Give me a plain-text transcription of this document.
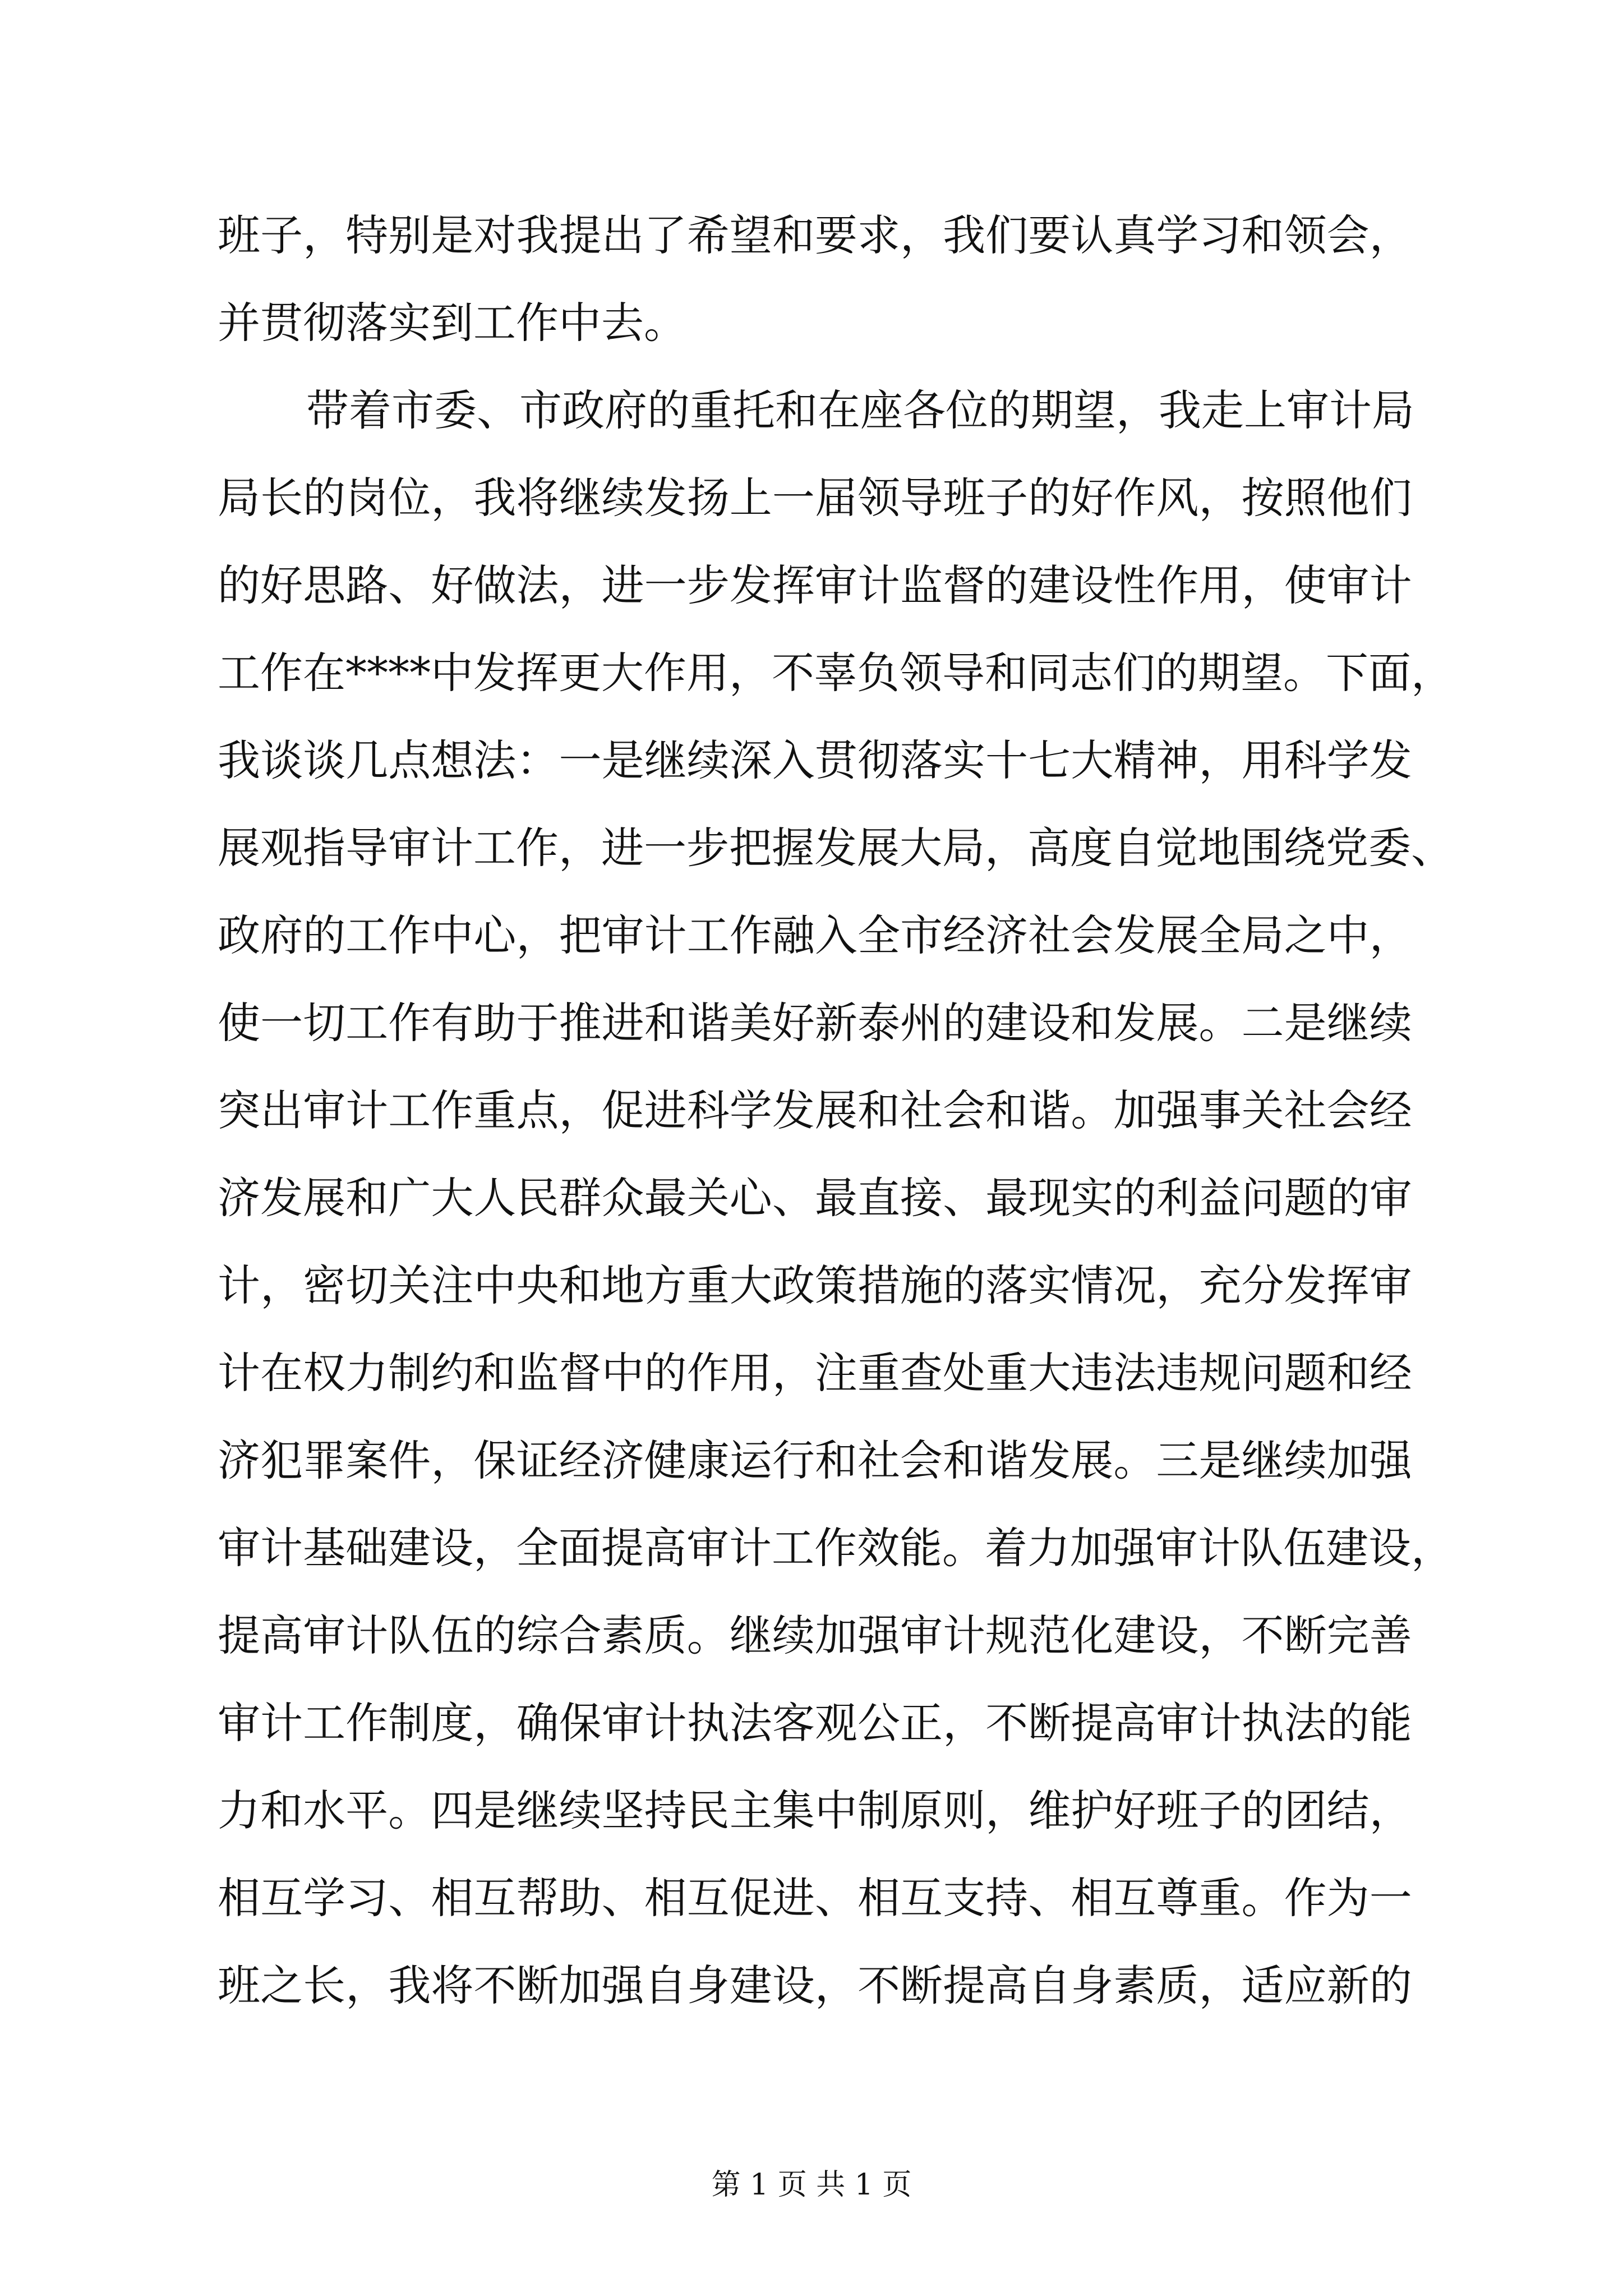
班 子 ， 特 别 是 对 我 提 出 了 希 望 和 要 求 ， 我 们 要 认 真 学 习 和 领 会 ，
并贯彻落实到工作中去。
带 着 市 委 、 市 政 府 的 重 托 和 在 座 各 位 的 期 望 ， 我 走 上 审 计 局
局 长 的 岗 位 ， 我 将 继 续 发 扬 上 一 届 领 导 班 子 的 好 作 风 ， 按 照 他 们
的 好 思 路 、 好 做 法 ， 进 一 步 发 挥 审 计 监 督 的 建 设 性 作 用 ， 使 审 计
工 作 在 **** 中 发 挥 更 大 作 用 ， 不 辜 负 领 导 和 同 志 们 的 期 望 。 下 面 ，
我 谈 谈 几 点 想 法 ： 一 是 继 续 深 入 贯 彻 落 实 十 七 大 精 神 ， 用 科 学 发
展 观 指 导 审 计 工 作 ， 进 一 步 把 握 发 展 大 局 ， 高 度 自 觉 地 围 绕 党 委 、
政 府 的 工 作 中 心 ， 把 审 计 工 作 融 入 全 市 经 济 社 会 发 展 全 局 之 中 ，
使 一 切 工 作 有 助 于 推 进 和 谐 美 好 新 泰 州 的 建 设 和 发 展 。 二 是 继 续
突 出 审 计 工 作 重 点 ， 促 进 科 学 发 展 和 社 会 和 谐 。 加 强 事 关 社 会 经
济 发 展 和 广 大 人 民 群 众 最 关 心 、 最 直 接 、 最 现 实 的 利 益 问 题 的 审
计 ， 密 切 关 注 中 央 和 地 方 重 大 政 策 措 施 的 落 实 情 况 ， 充 分 发 挥 审
计 在 权 力 制 约 和 监 督 中 的 作 用 ， 注 重 查 处 重 大 违 法 违 规 问 题 和 经
济 犯 罪 案 件 ， 保 证 经 济 健 康 运 行 和 社 会 和 谐 发 展 。 三 是 继 续 加 强
审 计 基 础 建 设 ， 全 面 提 高 审 计 工 作 效 能 。 着 力 加 强 审 计 队 伍 建 设 ，
提 高 审 计 队 伍 的 综 合 素 质 。 继 续 加 强 审 计 规 范 化 建 设 ， 不 断 完 善
审 计 工 作 制 度 ， 确 保 审 计 执 法 客 观 公 正 ， 不 断 提 高 审 计 执 法 的 能
力 和 水 平 。 四 是 继 续 坚 持 民 主 集 中 制 原 则 ， 维 护 好 班 子 的 团 结 ，
相 互 学 习 、 相 互 帮 助 、 相 互 促 进 、 相 互 支 持 、 相 互 尊 重 。 作 为 一
班 之 长 ， 我 将 不 断 加 强 自 身 建 设 ， 不 断 提 高 自 身 素 质 ， 适 应 新 的
第 1 页 共 1 页
